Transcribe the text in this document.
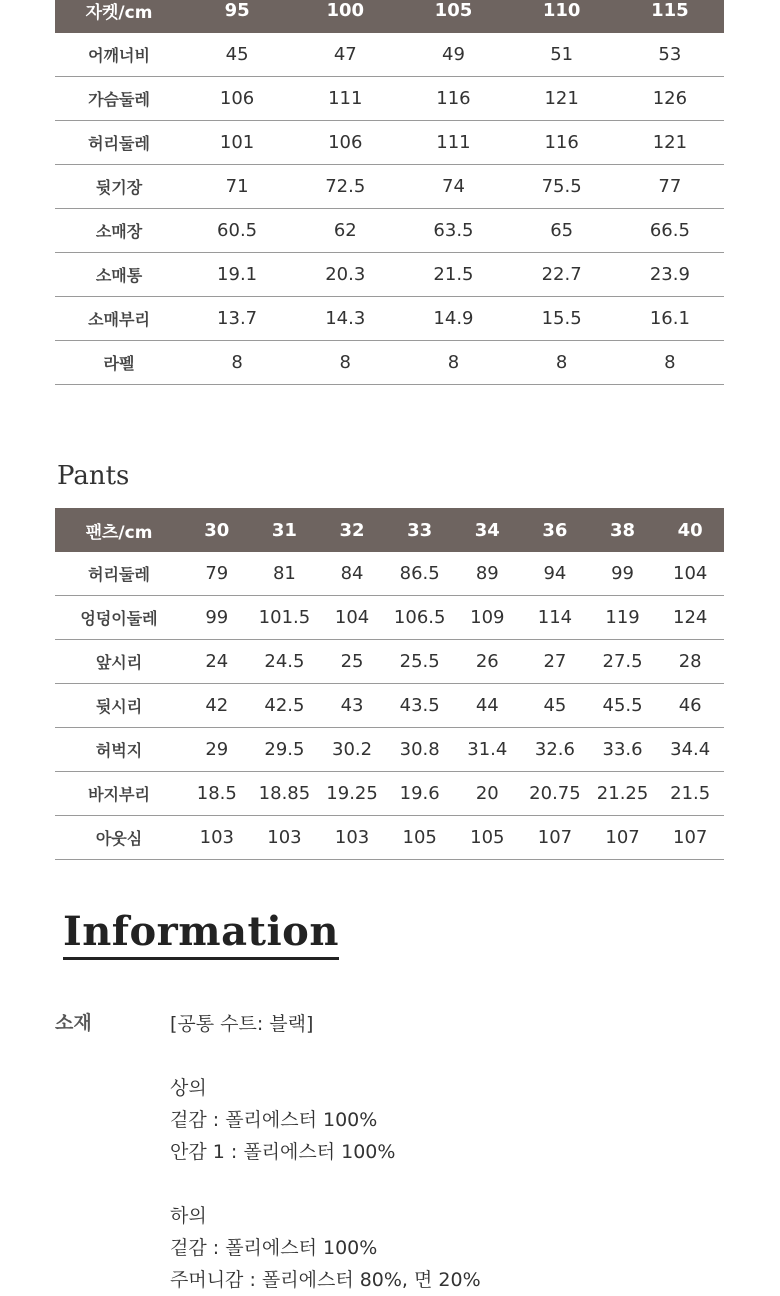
자켓/cm	95	100	105	110	115
어깨너비	45	47	49	51	53
가슴둘레	106	111	116	121	126
허리둘레	101	106	111	116	121
뒷기장	71	72.5	74	75.5	77
소매장	60.5	62	63.5	65	66.5
소매통	19.1	20.3	21.5	22.7	23.9
소매부리	13.7	14.3	14.9	15.5	16.1
라펠	8	8	8	8	8
Pants
팬츠/cm	30	31	32	33	34	36	38	40
허리둘레	79	81	84	86.5	89	94	99	104
엉덩이둘레	99	101.5	104	106.5	109	114	119	124
앞시리	24	24.5	25	25.5	26	27	27.5	28
뒷시리	42	42.5	43	43.5	44	45	45.5	46
허벅지	29	29.5	30.2	30.8	31.4	32.6	33.6	34.4
바지부리	18.5	18.85	19.25	19.6	20	20.75	21.25	21.5
아웃심	103	103	103	105	105	107	107	107
Information
소재	[공통 수트: 블랙]
상의
겉감 : 폴리에스터 100%
안감 1 : 폴리에스터 100%
하의
겉감 : 폴리에스터 100%
주머니감 : 폴리에스터 80%, 면 20%
